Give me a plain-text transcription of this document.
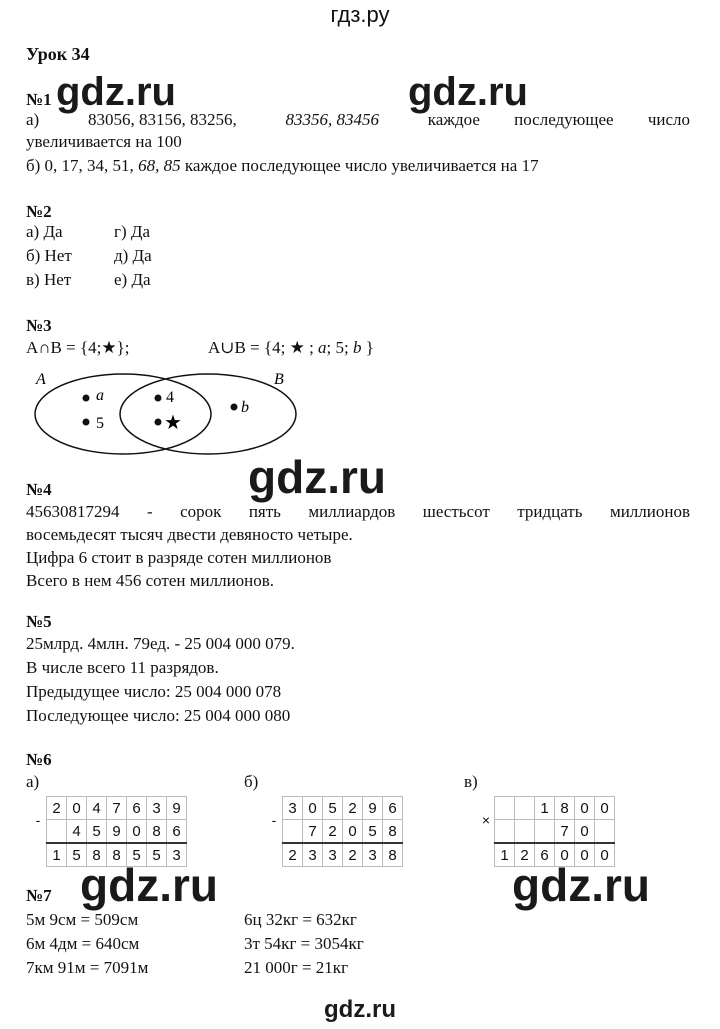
гдз.ру
Урок 34
№1 gdz.ru	gdz.ru
а)	83056, 83156, 83256,	83356, 83456	каждое последующее число
увеличивается на 100
б) 0, 17, 34, 51, 68, 85 каждое последующее число увеличивается на 17
№2
а) Да	г) Да
б) Нет д) Да
в) Нет	е) Да
№3
A∩B = {4;★};	A∪B = {4; ★ ; a; 5; b }
A	B
a
5
4
★
b
gdz.ru
№4
45630817294 - сорок пять миллиардов шестьсот тридцать миллионов
восемьдесят тысяч двести девяносто четыре.
Цифра 6 стоит в разряде сотен миллионов
Всего в нем 456 сотен миллионов.
№5
25млрд. 4млн. 79ед. - 25 004 000 079.
В числе всего 11 разрядов.
Предыдущее число: 25 004 000 078
Последующее число: 25 004 000 080
№6
а)	б)	в)
-	2	0	4	7	6	3	9
		4	5	9	0	8	6
	1	5	8	8	5	5	3
-	3	0	5	2	9	6
		7	2	0	5	8
	2	3	3	2	3	8
×			1	8	0	0
				7	0	
	1	2	6	0	0	0
gdz.ru	gdz.ru
№7
5м 9см = 509см	6ц 32кг = 632кг
6м 4дм = 640см	3т 54кг = 3054кг
7км 91м = 7091м	21 000г = 21кг
gdz.ru
